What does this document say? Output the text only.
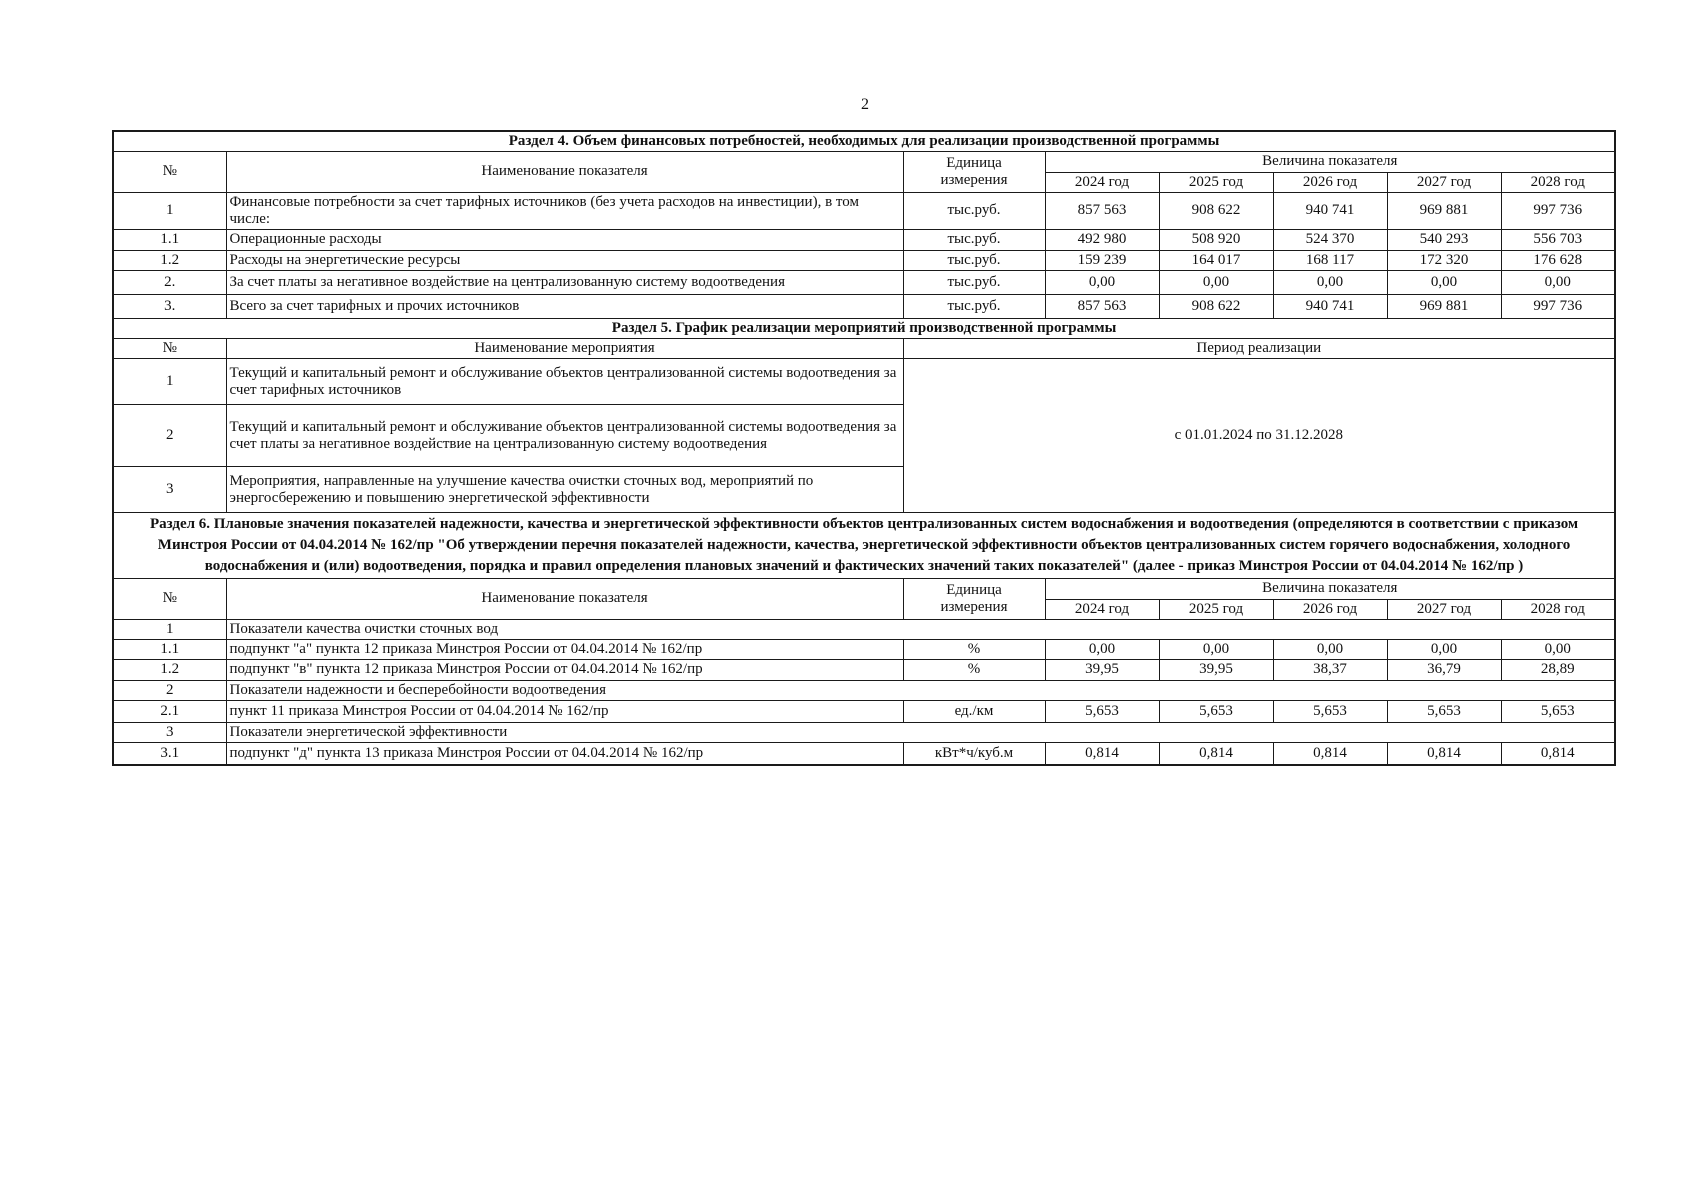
2
Раздел 4. Объем финансовых потребностей, необходимых для реализации производственной программы							
№	Наименование показателя	Единица
измерения	Величина показателя				
			2024 год	2025 год	2026 год	2027 год	2028 год
1	Финансовые потребности за счет тарифных источников (без учета расходов на инвестиции), в том числе:	тыс.руб.	857 563	908 622	940 741	969 881	997 736
1.1	Операционные расходы	тыс.руб.	492 980	508 920	524 370	540 293	556 703
1.2	Расходы на энергетические ресурсы	тыс.руб.	159 239	164 017	168 117	172 320	176 628
2.	За счет платы за негативное воздействие на централизованную систему водоотведения	тыс.руб.	0,00	0,00	0,00	0,00	0,00
3.	Всего за счет тарифных и прочих источников	тыс.руб.	857 563	908 622	940 741	969 881	997 736
Раздел 5. График реализации мероприятий производственной программы							
№	Наименование мероприятия	Период реализации					
1	Текущий и капитальный ремонт и обслуживание объектов централизованной системы водоотведения за счет тарифных источников	с 01.01.2024 по 31.12.2028					
2	Текущий и капитальный ремонт и обслуживание объектов централизованной системы водоотведения за счет платы за негативное воздействие на централизованную систему водоотведения						
3	Мероприятия, направленные на улучшение качества очистки сточных вод, мероприятий по энергосбережению и повышению энергетической эффективности						
Раздел 6. Плановые значения показателей надежности, качества и энергетической эффективности объектов централизованных систем водоснабжения и водоотведения (определяются в соответствии с приказом Минстроя России от 04.04.2014 № 162/пр "Об утверждении перечня показателей надежности, качества, энергетической эффективности объектов централизованных систем горячего водоснабжения, холодного водоснабжения и (или) водоотведения, порядка и правил определения плановых значений и фактических значений таких показателей" (далее - приказ Минстроя России от 04.04.2014 № 162/пр )							
№	Наименование показателя	Единица
измерения	Величина показателя				
			2024 год	2025 год	2026 год	2027 год	2028 год
1	Показатели качества очистки сточных вод						
1.1	подпункт "а" пункта 12 приказа Минстроя России от 04.04.2014 № 162/пр	%	0,00	0,00	0,00	0,00	0,00
1.2	подпункт "в" пункта 12 приказа Минстроя России от 04.04.2014 № 162/пр	%	39,95	39,95	38,37	36,79	28,89
2	Показатели надежности и бесперебойности водоотведения						
2.1	пункт 11 приказа Минстроя России от 04.04.2014 № 162/пр	ед./км	5,653	5,653	5,653	5,653	5,653
3	Показатели энергетической эффективности						
3.1	подпункт "д" пункта 13 приказа Минстроя России от 04.04.2014 № 162/пр	кВт*ч/куб.м	0,814	0,814	0,814	0,814	0,814
